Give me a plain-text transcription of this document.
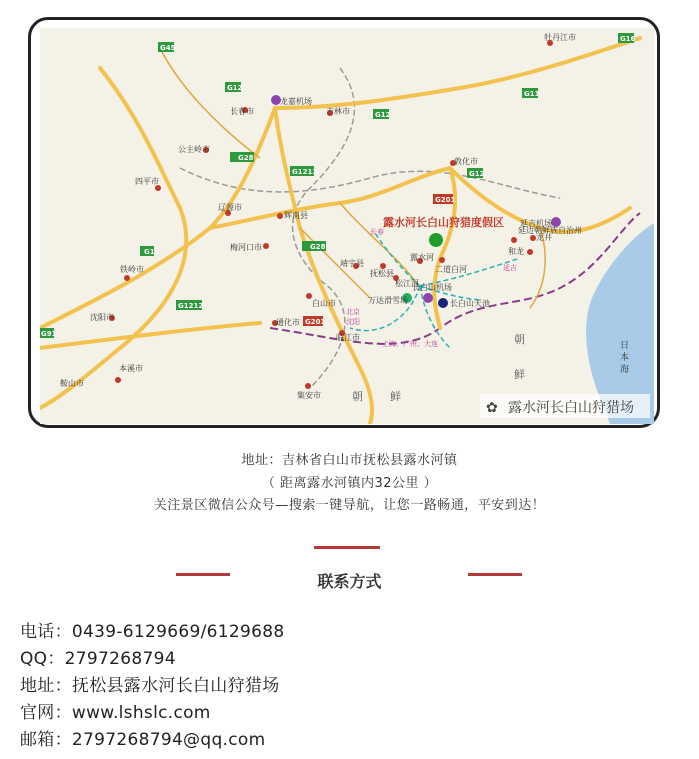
G45
G1
G12
G28
G1212
G28
G1212
G16
G11
G12
G12
G91
G201
G201
长春市
公主岭市
四平市
辽源市
梅河口市
铁岭市
沈阳市
本溪市
鞍山市
通化市
白山市
临江市
集安市
敦化市
延边朝鲜族自治州
牡丹江市
吉林市
辉南县
靖宇县
抚松县
松江河
露水河
二道白河
龙井
和龙
龙嘉机场
延吉机场
长白山机场
万达滑雪场	长白山天池
露水河长白山狩猎度假区
长春
延吉
北京
沈阳
上海、广州、大连	朝
鲜
朝 鲜
日
本
海
✿ 露水河长白山狩猎场
地址：吉林省白山市抚松县露水河镇
（ 距离露水河镇内32公里 ）
关注景区微信公众号—搜索一键导航，让您一路畅通，平安到达！
联系方式
电话：0439-6129669/6129688
QQ：2797268794
地址：抚松县露水河长白山狩猎场
官网：www.lshslc.com
邮箱：2797268794@qq.com
